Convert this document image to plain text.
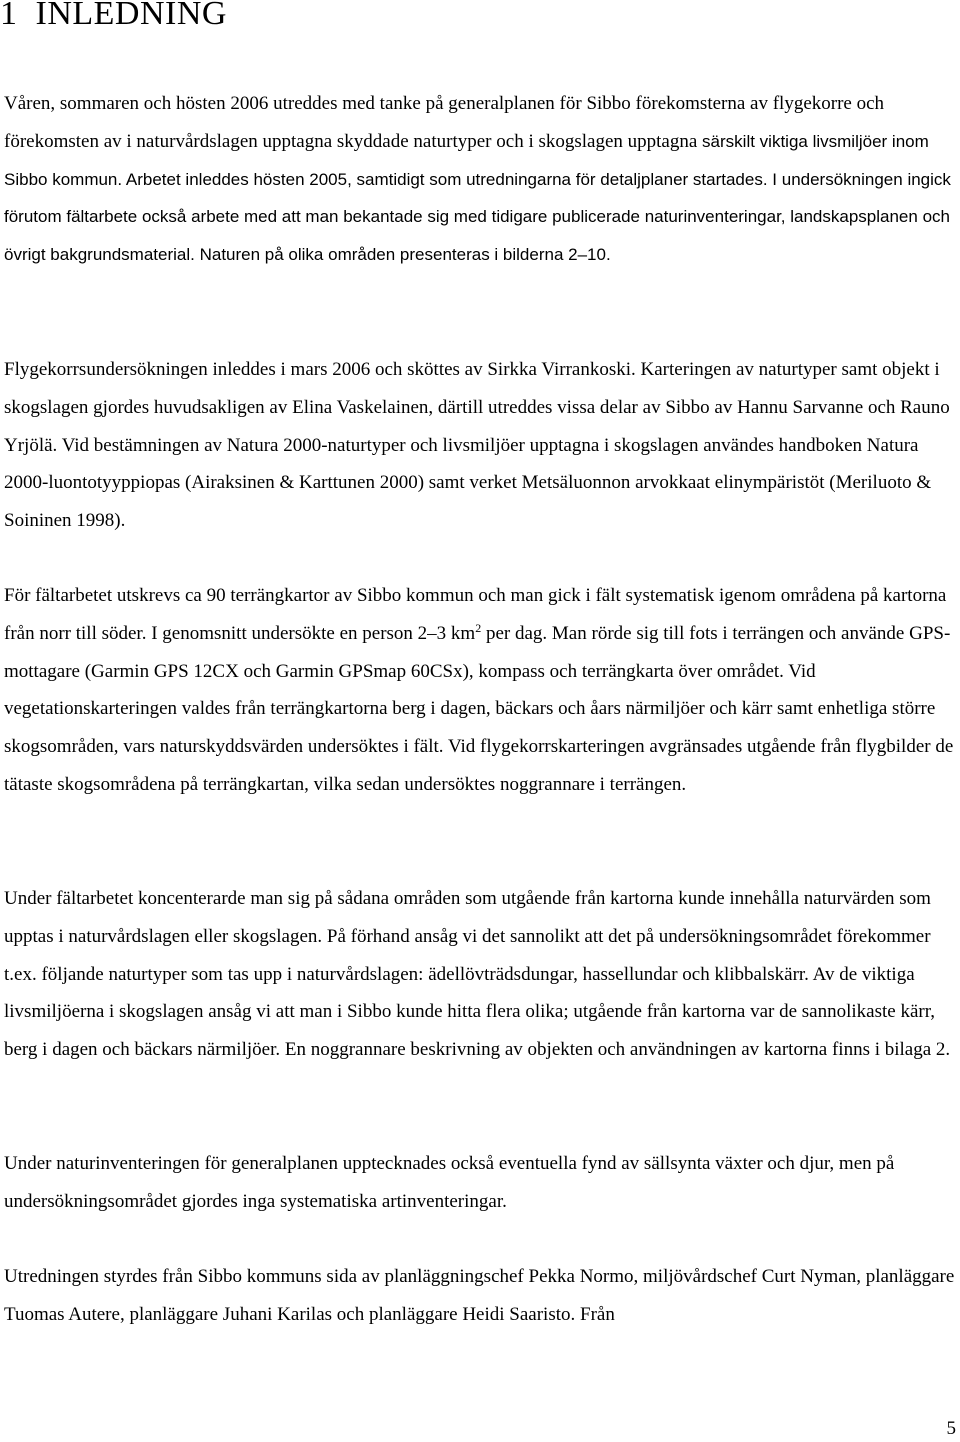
1 INLEDNING

Våren, sommaren och hösten 2006 utreddes med tanke på generalplanen för Sibbo förekomsterna av flygekorre och förekomsten av i naturvårdslagen upptagna skyddade naturtyper och i skogslagen upptagna särskilt viktiga livsmiljöer inom Sibbo kommun. Arbetet inleddes hösten 2005, samtidigt som utredningarna för detaljplaner startades. I undersökningen ingick förutom fältarbete också arbete med att man bekantade sig med tidigare publicerade naturinventeringar, landskapsplanen och övrigt bakgrundsmaterial. Naturen på olika områden presenteras i bilderna 2–10.

Flygekorrsundersökningen inleddes i mars 2006 och sköttes av Sirkka Virrankoski. Karteringen av naturtyper samt objekt i skogslagen gjordes huvudsakligen av Elina Vaskelainen, därtill utreddes vissa delar av Sibbo av Hannu Sarvanne och Rauno Yrjölä. Vid bestämningen av Natura 2000-naturtyper och livsmiljöer upptagna i skogslagen användes handboken Natura 2000-luontotyyppiopas (Airaksinen & Karttunen 2000) samt verket Metsäluonnon arvokkaat elinympäristöt (Meriluoto & Soininen 1998).

För fältarbetet utskrevs ca 90 terrängkartor av Sibbo kommun och man gick i fält systematisk igenom områdena på kartorna från norr till söder. I genomsnitt undersökte en person 2–3 $km^2$ per dag. Man rörde sig till fots i terrängen och använde GPS-mottagare (Garmin GPS 12CX och Garmin GPSmap 60CSx), kompass och terrängkarta över området. Vid vegetationskarteringen valdes från terrängkartorna berg i dagen, bäckars och åars närmiljöer och kärr samt enhetliga större skogsområden, vars naturskyddsvärden undersöktes i fält. Vid flygekorrskarteringen avgränsades utgående från flygbilder de tätaste skogsområdena på terrängkartan, vilka sedan undersöktes noggrannare i terrängen.

Under fältarbetet koncenterarde man sig på sådana områden som utgående från kartorna kunde innehålla naturvärden som upptas i naturvårdslagen eller skogslagen. På förhand ansåg vi det sannolikt att det på undersökningsområdet förekommer t.ex. följande naturtyper som tas upp i naturvårdslagen: ädellövträdsdungar, hassellundar och klibbalskärr. Av de viktiga livsmiljöerna i skogslagen ansåg vi att man i Sibbo kunde hitta flera olika; utgående från kartorna var de sannolikaste kärr, berg i dagen och bäckars närmiljöer. En noggrannare beskrivning av objekten och användningen av kartorna finns i bilaga 2.

Under naturinventeringen för generalplanen upptecknades också eventuella fynd av sällsynta växter och djur, men på undersökningsområdet gjordes inga systematiska artinventeringar.

Utredningen styrdes från Sibbo kommuns sida av planläggningschef Pekka Normo, miljövårdschef Curt Nyman, planläggare Tuomas Autere, planläggare Juhani Karilas och planläggare Heidi Saaristo. Från

5
